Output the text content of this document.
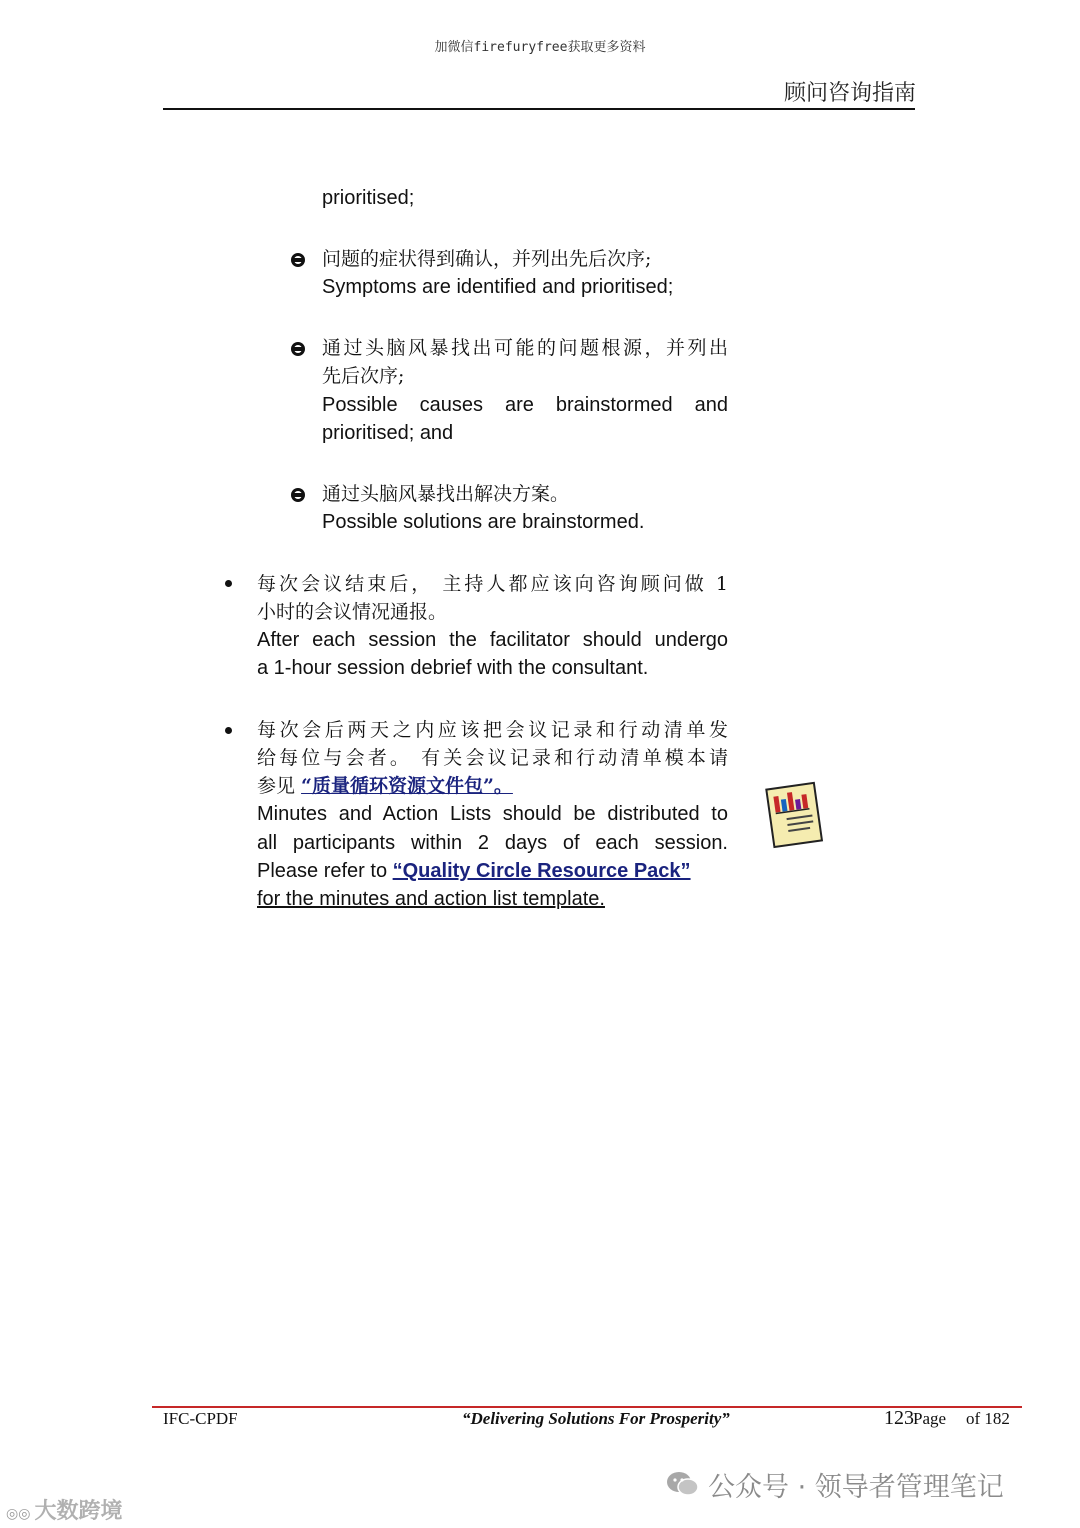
加微信firefuryfree获取更多资料
顾问咨询指南
prioritised;
问题的症状得到确认，并列出先后次序;
Symptoms are identified and prioritised;
通过头脑风暴找出可能的问题根源，并列出
先后次序;
Possible causes are brainstormed and
prioritised; and
通过头脑风暴找出解决方案。
Possible solutions are brainstormed.
每次会议结束后， 主持人都应该向咨询顾问做 1
小时的会议情况通报。
After each session the facilitator should undergo
a 1-hour session debrief with the consultant.
每次会后两天之内应该把会议记录和行动清单发
给每位与会者。 有关会议记录和行动清单模本请
参见 “质量循环资源文件包”。
Minutes and Action Lists should be distributed to
all participants within 2 days of each session.
Please refer to “Quality Circle Resource Pack”
for the minutes and action list template.
IFC-CPDF	“Delivering Solutions For Prosperity”	123 Page of 182
◎◎ 大数跨境
公众号 · 领导者管理笔记
